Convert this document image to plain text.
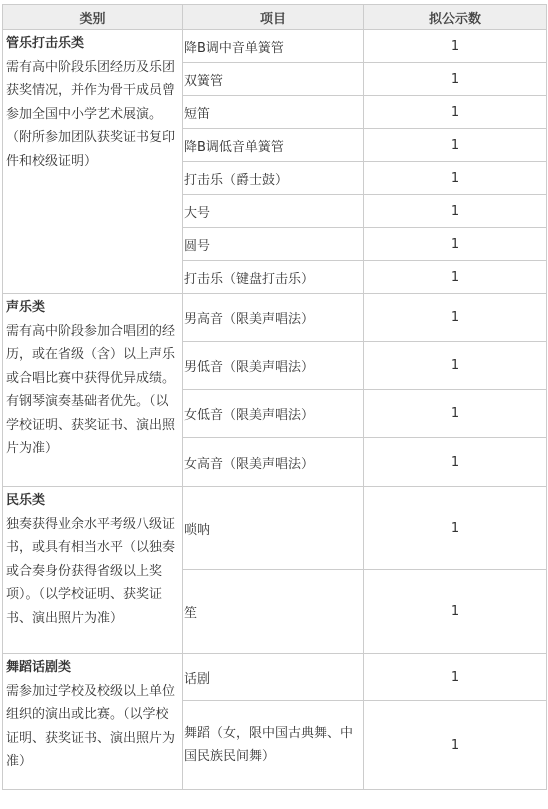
类别	项目	拟公示数

管乐打击乐类
需有高中阶段乐团经历及乐团获奖情况，并作为骨干成员曾参加全国中小学艺术展演。（附所参加团队获奖证书复印件和校级证明）	降B调中音单簧管	1
	双簧管	1
	短笛	1
	降B调低音单簧管	1
	打击乐（爵士鼓）	1
	大号	1
	圆号	1
	打击乐（键盘打击乐）	1

声乐类
需有高中阶段参加合唱团的经历，或在省级（含）以上声乐或合唱比赛中获得优异成绩。有钢琴演奏基础者优先。（以学校证明、获奖证书、演出照片为准）	男高音（限美声唱法）	1
	男低音（限美声唱法）	1
	女低音（限美声唱法）	1
	女高音（限美声唱法）	1

民乐类
独奏获得业余水平考级八级证书，或具有相当水平（以独奏或合奏身份获得省级以上奖项）。（以学校证明、获奖证书、演出照片为准）	唢呐	1
	笙	1

舞蹈话剧类
需参加过学校及校级以上单位组织的演出或比赛。（以学校证明、获奖证书、演出照片为准）	话剧	1
	舞蹈（女，限中国古典舞、中国民族民间舞）	1
